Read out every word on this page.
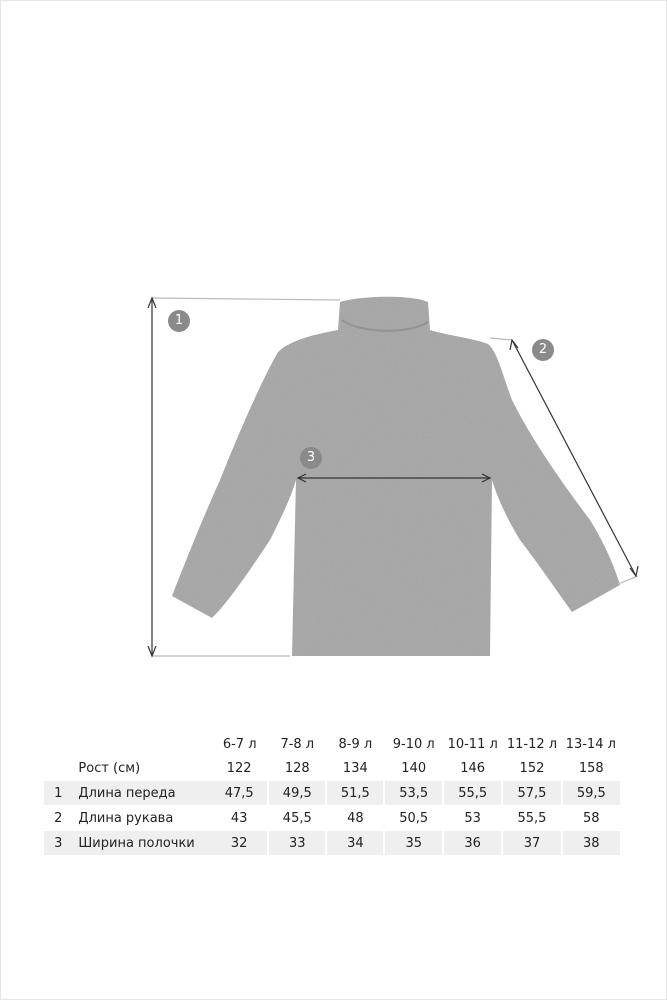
1
2
3
		6-7 л	7-8 л	8-9 л	9-10 л	10-11 л	11-12 л	13-14 л
	Рост (см)	122	128	134	140	146	152	158
1	Длина переда	47,5	49,5	51,5	53,5	55,5	57,5	59,5
2	Длина рукава	43	45,5	48	50,5	53	55,5	58
3	Ширина полочки	32	33	34	35	36	37	38
